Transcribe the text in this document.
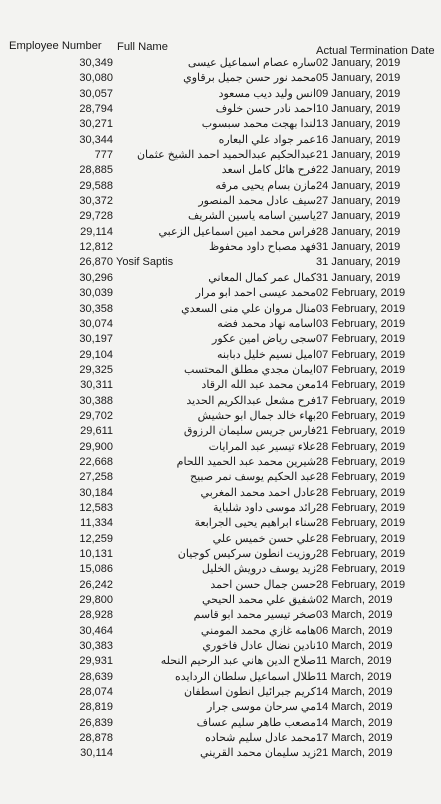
Employee Number Full Name	Actual Termination Date
30,349	ساره عصام اسماعيل عيسى 02 January, 2019
30,080	محمد نور حسن جميل برقاوي 05 January, 2019
30,057	انس وليد ديب مسعود 09 January, 2019
28,794	احمد نادر حسن خلوف 10 January, 2019
30,271	لندا بهجت محمد سبسوب 13 January, 2019
30,344	عمر جواد علي البعاره 16 January, 2019
777 عبدالحكيم عبدالحميد احمد الشيخ عثمان 21 January, 2019
28,885	فرح هائل كامل اسعد 22 January, 2019
29,588	مازن بسام يحيى مرقه 24 January, 2019
30,372	سيف عادل محمد المنصور 27 January, 2019
29,728	ياسين اسامه ياسين الشريف 27 January, 2019
29,114	فراس محمد امين اسماعيل الزعبي 28 January, 2019
12,812	فهد مصباح داود محفوظ 31 January, 2019
26,870 Yosif Saptis	31 January, 2019
30,296	كمال عمر كمال المعاني 31 January, 2019
30,039	محمد عيسى احمد ابو مرار 02 February, 2019
30,358	منال مروان علي منى السعدي 03 February, 2019
30,074	اسامه نهاد محمد فضه 03 February, 2019
30,197	سجى رياض امين عكور 07 February, 2019
29,104	اميل نسيم خليل دبابنه 07 February, 2019
29,325	ايمان مجدي مطلق المحتسب 07 February, 2019
30,311	معن محمد عبد الله الرقاد 14 February, 2019
30,388	فرح مشعل عبدالكريم الحديد 17 February, 2019
29,702	بهاء خالد جمال ابو حشيش 20 February, 2019
29,611	فارس جريس سليمان الرزوق 21 February, 2019
29,900	علاء تيسير عبد المرايات 28 February, 2019
22,668	شيرين محمد عبد الحميد اللحام 28 February, 2019
27,258	عبد الحكيم يوسف نمر صبيح 28 February, 2019
30,184	عادل احمد محمد المغربي 28 February, 2019
12,583	رائد موسى داود شلباية 28 February, 2019
11,334	سناء ابراهيم يحيى الجرابعة 28 February, 2019
12,259	علي حسن خميس علي 28 February, 2019
10,131	روزيت انطون سركيس كوجيان 28 February, 2019
15,086	زيد يوسف درويش الخليل 28 February, 2019
26,242	حسن جمال حسن احمد 28 February, 2019
29,800	شفيق علي محمد الحيحي 02 March, 2019
28,928	صخر تيسير محمد ابو قاسم 03 March, 2019
30,464	هامه غازي محمد المومني 06 March, 2019
30,383	نادين نضال عادل فاخوري 10 March, 2019
29,931	صلاح الدين هاني عبد الرحيم النحله 11 March, 2019
28,639	طلال اسماعيل سلطان الردايده 11 March, 2019
28,074	كريم جبرائيل انطون اسطفان 14 March, 2019
28,819	مي سرحان موسى جرار 14 March, 2019
26,839	مصعب طاهر سليم عساف 14 March, 2019
28,878	محمد عادل سليم شحاده 17 March, 2019
30,114	زيد سليمان محمد القريني 21 March, 2019
